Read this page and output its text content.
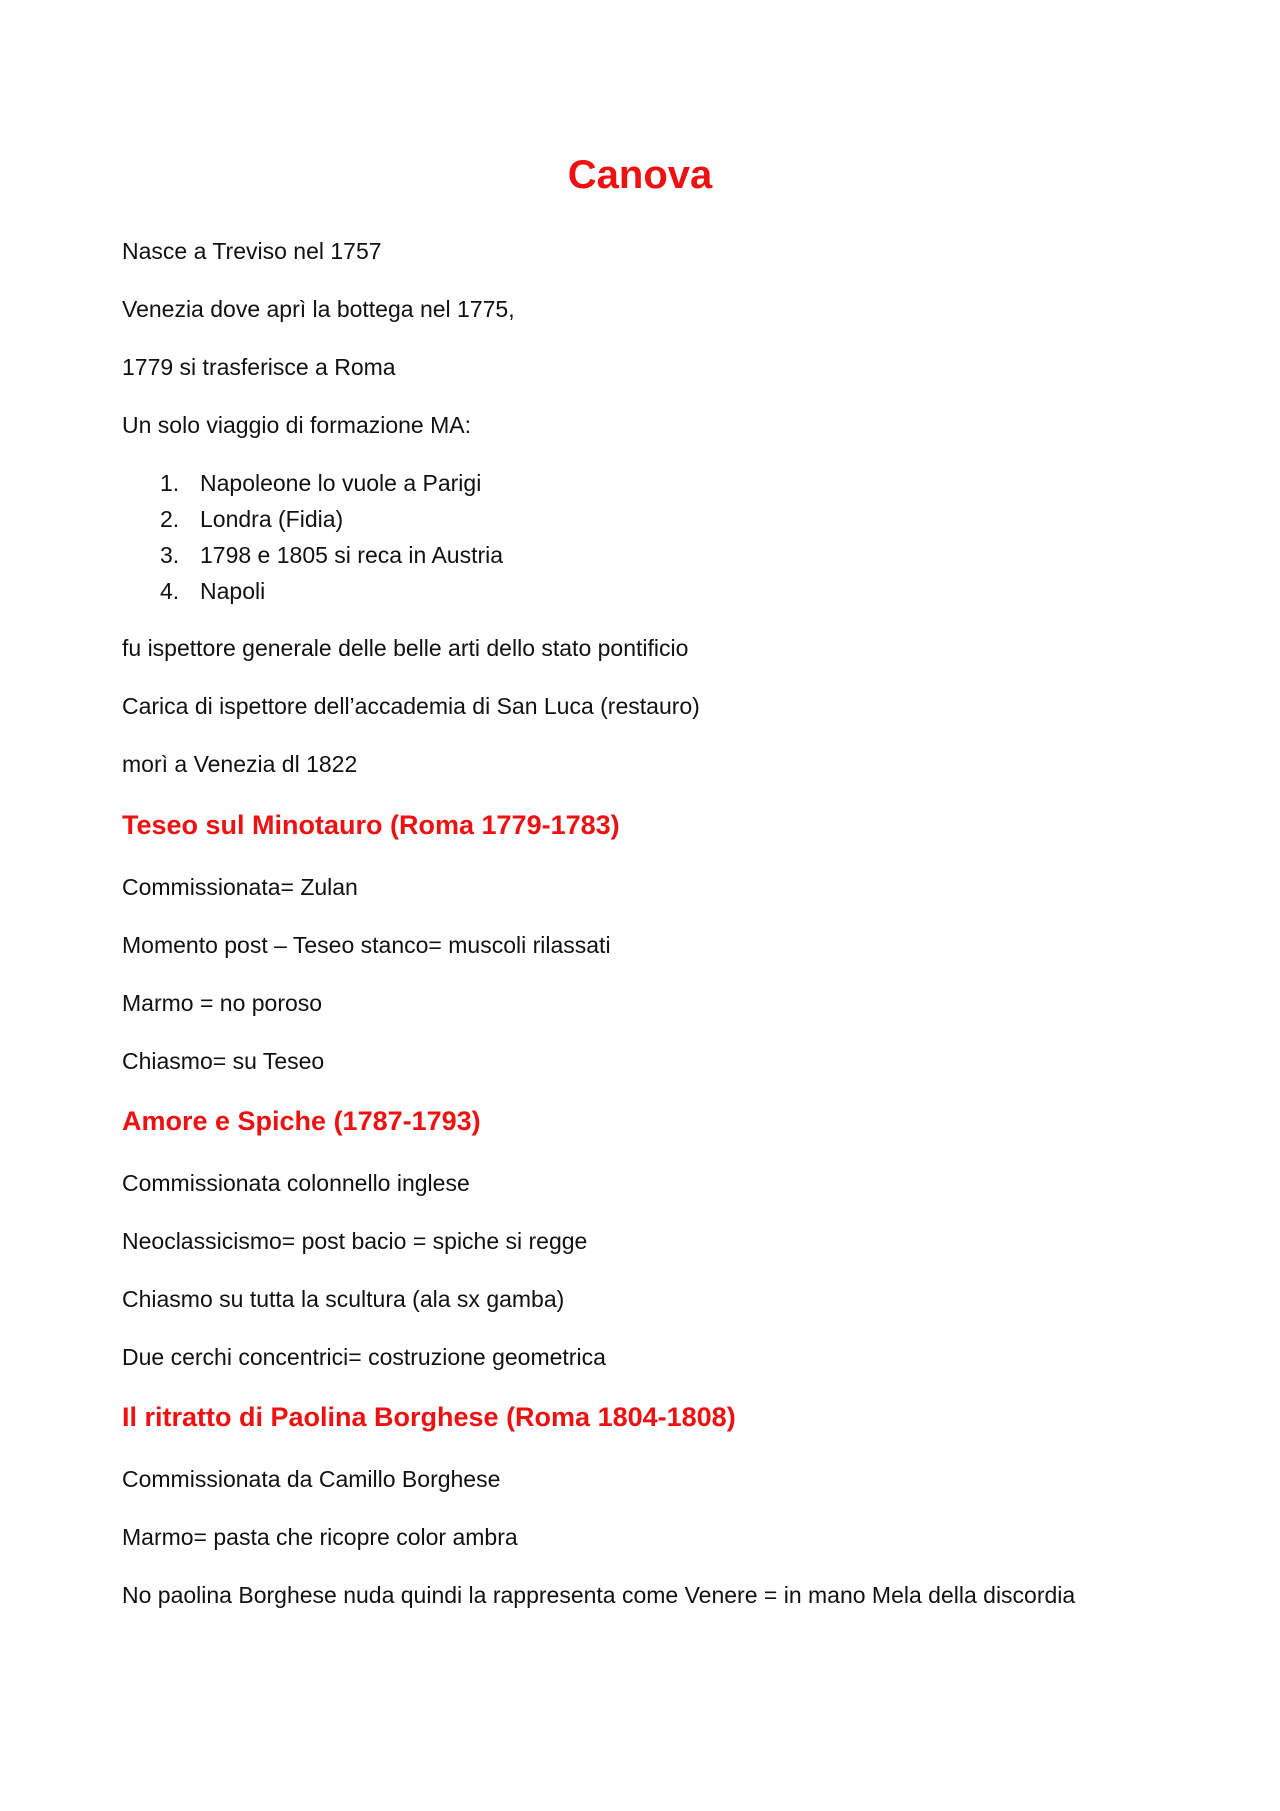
Canova

Nasce a Treviso nel 1757

Venezia dove aprì la bottega nel 1775,

1779 si trasferisce a Roma

Un solo viaggio di formazione MA:

1. Napoleone lo vuole a Parigi
2. Londra (Fidia)
3. 1798 e 1805 si reca in Austria
4. Napoli

fu ispettore generale delle belle arti dello stato pontificio

Carica di ispettore dell’accademia di San Luca (restauro)

morì a Venezia dl 1822

Teseo sul Minotauro (Roma 1779-1783)

Commissionata= Zulan

Momento post – Teseo stanco= muscoli rilassati

Marmo = no poroso

Chiasmo= su Teseo

Amore e Spiche (1787-1793)

Commissionata colonnello inglese

Neoclassicismo= post bacio = spiche si regge

Chiasmo su tutta la scultura (ala sx gamba)

Due cerchi concentrici= costruzione geometrica

Il ritratto di Paolina Borghese (Roma 1804-1808)

Commissionata da Camillo Borghese

Marmo= pasta che ricopre color ambra

No paolina Borghese nuda quindi la rappresenta come Venere = in mano Mela della discordia
